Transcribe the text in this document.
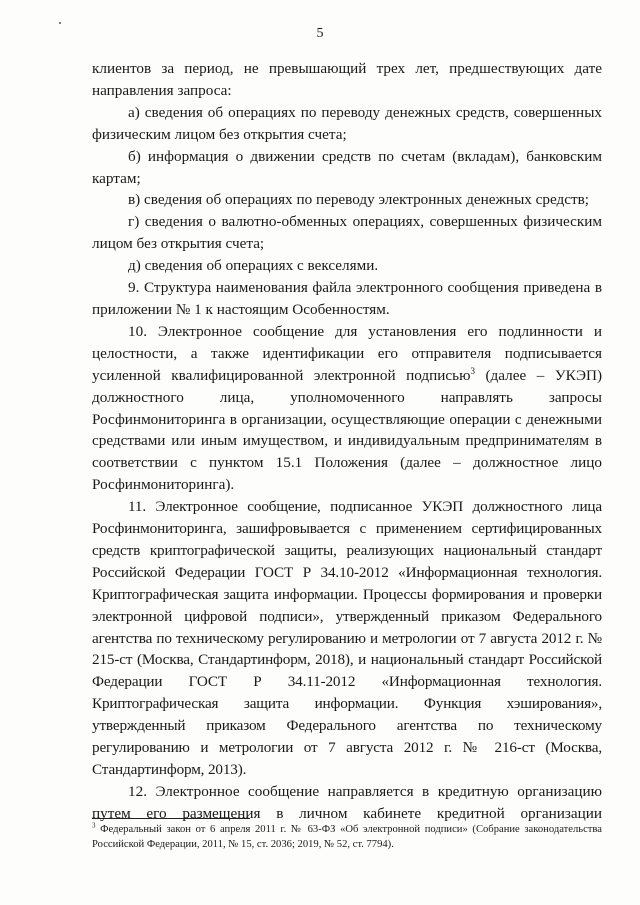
5

клиентов за период, не превышающий трех лет, предшествующих дате направления запроса:

а) сведения об операциях по переводу денежных средств, совершенных физическим лицом без открытия счета;

б) информация о движении средств по счетам (вкладам), банковским картам;

в) сведения об операциях по переводу электронных денежных средств;

г) сведения о валютно-обменных операциях, совершенных физическим лицом без открытия счета;

д) сведения об операциях с векселями.

9. Структура наименования файла электронного сообщения приведена в приложении № 1 к настоящим Особенностям.

10. Электронное сообщение для установления его подлинности и целостности, а также идентификации его отправителя подписывается усиленной квалифицированной электронной подписью$^3$ (далее – УКЭП) должностного лица, уполномоченного направлять запросы Росфинмониторинга в организации, осуществляющие операции с денежными средствами или иным имуществом, и индивидуальным предпринимателям в соответствии с пунктом 15.1 Положения (далее – должностное лицо Росфинмониторинга).

11. Электронное сообщение, подписанное УКЭП должностного лица Росфинмониторинга, зашифровывается с применением сертифицированных средств криптографической защиты, реализующих национальный стандарт Российской Федерации ГОСТ Р 34.10-2012 «Информационная технология. Криптографическая защита информации. Процессы формирования и проверки электронной цифровой подписи», утвержденный приказом Федерального агентства по техническому регулированию и метрологии от 7 августа 2012 г. № 215-ст (Москва, Стандартинформ, 2018), и национальный стандарт Российской Федерации ГОСТ Р 34.11-2012 «Информационная технология. Криптографическая защита информации. Функция хэширования», утвержденный приказом Федерального агентства по техническому регулированию и метрологии от 7 августа 2012 г. № 216-ст (Москва, Стандартинформ, 2013).

12. Электронное сообщение направляется в кредитную организацию путем его размещения в личном кабинете кредитной организации

$^3$ Федеральный закон от 6 апреля 2011 г. № 63-ФЗ «Об электронной подписи» (Собрание законодательства Российской Федерации, 2011, № 15, ст. 2036; 2019, № 52, ст. 7794).
